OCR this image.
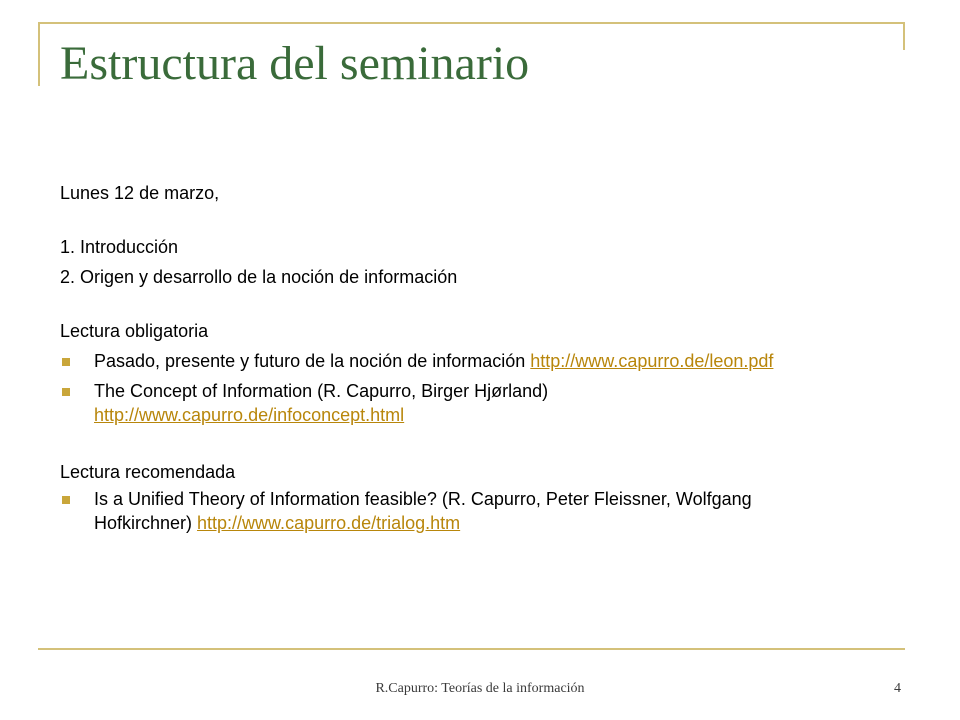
Estructura del seminario

Lunes 12 de marzo,

1. Introducción

2. Origen y desarrollo de la noción de información

Lectura obligatoria

Pasado, presente y futuro de la noción de información http://www.capurro.de/leon.pdf
The Concept of Information (R. Capurro, Birger Hjørland)
http://www.capurro.de/infoconcept.html

Lectura recomendada

Is a Unified Theory of Information feasible? (R. Capurro, Peter Fleissner, Wolfgang
Hofkirchner) http://www.capurro.de/trialog.htm
R.Capurro: Teorías de la información	4
